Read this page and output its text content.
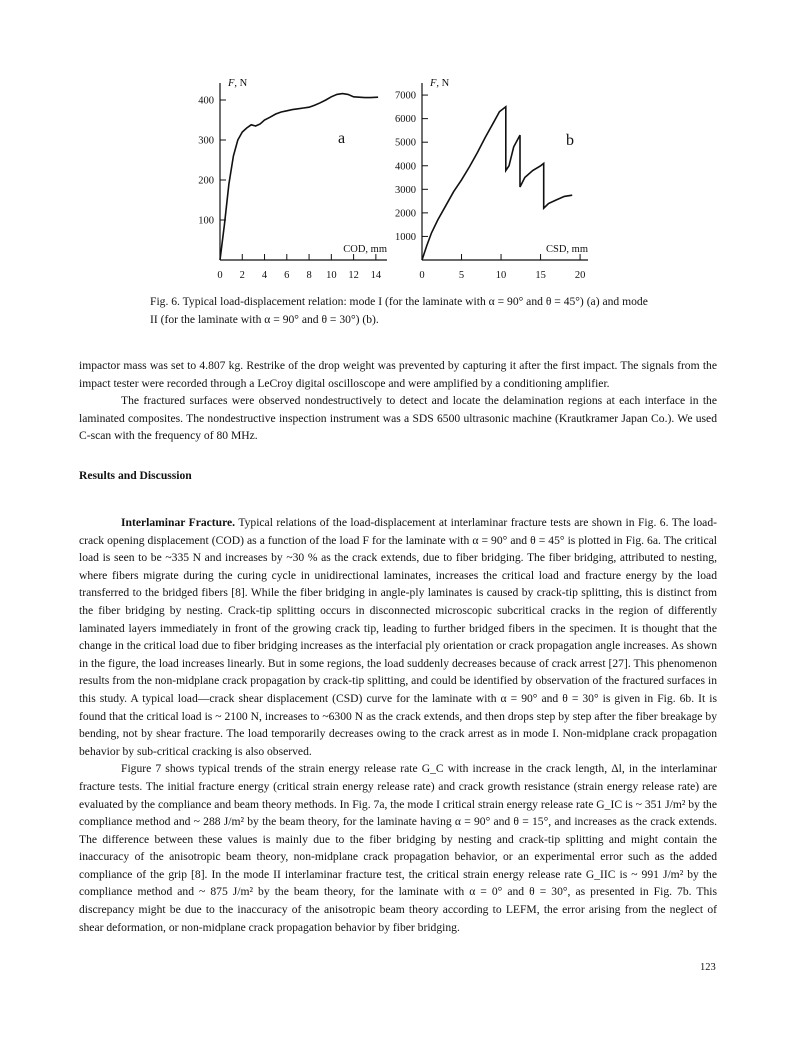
100
200
300
400
0 2 4 6 8 10 12 14
F, N
COD, mm
a
1000
2000
3000
4000
5000
6000
7000
0	5	10	15	20
F, N
CSD, mm
b

Fig. 6. Typical load-displacement relation: mode I (for the laminate with α = 90° and θ = 45°) (a) and mode II (for the laminate with α = 90° and θ = 30°) (b).

impactor mass was set to 4.807 kg. Restrike of the drop weight was prevented by capturing it after the first impact. The signals from the impact tester were recorded through a LeCroy digital oscilloscope and were amplified by a conditioning amplifier.

The fractured surfaces were observed nondestructively to detect and locate the delamination regions at each interface in the laminated composites. The nondestructive inspection instrument was a SDS 6500 ultrasonic machine (Krautkramer Japan Co.). We used C-scan with the frequency of 80 MHz.

Results and Discussion

Interlaminar Fracture. Typical relations of the load-displacement at interlaminar fracture tests are shown in Fig. 6. The load-crack opening displacement (COD) as a function of the load F for the laminate with α = 90° and θ = 45° is plotted in Fig. 6a. The critical load is seen to be ~335 N and increases by ~30 % as the crack extends, due to fiber bridging. The fiber bridging, attributed to nesting, where fibers migrate during the curing cycle in unidirectional laminates, increases the critical load and fracture energy by the load transferred to the bridged fibers [8]. While the fiber bridging in angle-ply laminates is caused by crack-tip splitting, this is distinct from the fiber bridging by nesting. Crack-tip splitting occurs in disconnected microscopic subcritical cracks in the region of differently laminated layers immediately in front of the growing crack tip, leading to further bridged fibers in the specimen. It is thought that the change in the critical load due to fiber bridging increases as the interfacial ply orientation or crack propagation angle increases. As shown in the figure, the load increases linearly. But in some regions, the load suddenly decreases because of crack arrest [27]. This phenomenon results from the non-midplane crack propagation by crack-tip splitting, and could be identified by observation of the fractured surfaces in this study. A typical load—crack shear displacement (CSD) curve for the laminate with α = 90° and θ = 30° is given in Fig. 6b. It is found that the critical load is ~ 2100 N, increases to ~6300 N as the crack extends, and then drops step by step after the fiber breakage by bending, not by shear fracture. The load temporarily decreases owing to the crack arrest as in mode I. Non-midplane crack propagation behavior by sub-critical cracking is also observed.

Figure 7 shows typical trends of the strain energy release rate G_C with increase in the crack length, Δl, in the interlaminar fracture tests. The initial fracture energy (critical strain energy release rate) and crack growth resistance (strain energy release rate) are evaluated by the compliance and beam theory methods. In Fig. 7a, the mode I critical strain energy release rate G_IC is ~ 351 J/m² by the compliance method and ~ 288 J/m² by the beam theory, for the laminate having α = 90° and θ = 15°, and increases as the crack extends. The difference between these values is mainly due to the fiber bridging by nesting and crack-tip splitting and might contain the inaccuracy of the anisotropic beam theory, non-midplane crack propagation behavior, or an experimental error such as the added compliance of the grip [8]. In the mode II interlaminar fracture test, the critical strain energy release rate G_IIC is ~ 991 J/m² by the compliance method and ~ 875 J/m² by the beam theory, for the laminate with α = 0° and θ = 30°, as presented in Fig. 7b. This discrepancy might be due to the inaccuracy of the anisotropic beam theory according to LEFM, the error arising from the neglect of shear deformation, or non-midplane crack propagation behavior by fiber bridging.

123
